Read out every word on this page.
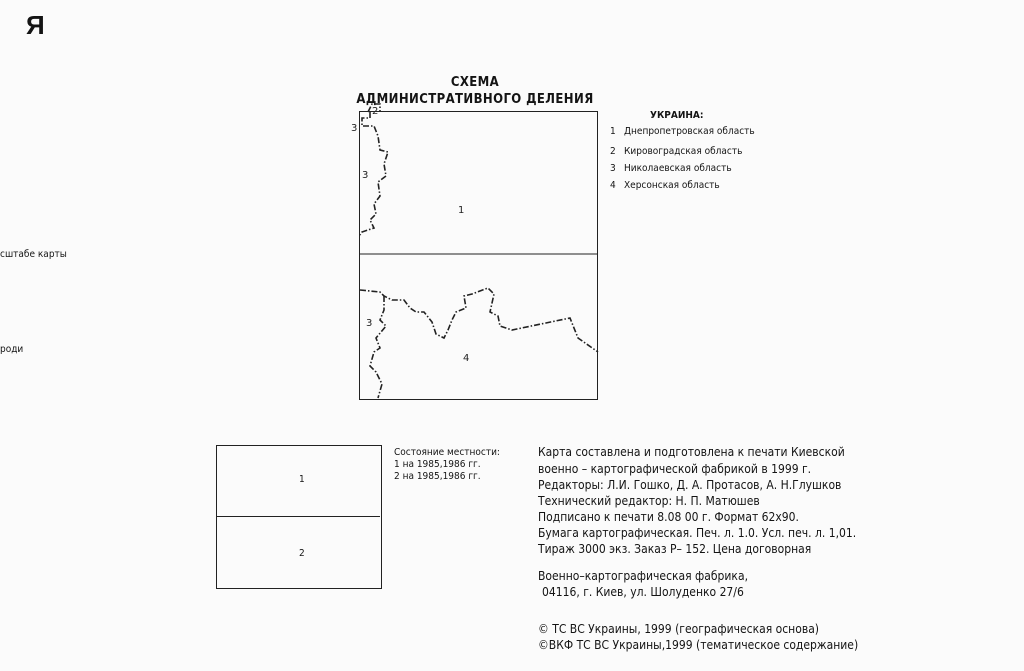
Я
сштабе карты
роди
СХЕМА
АДМИНИСТРАТИВНОГО ДЕЛЕНИЯ
2
3
3
1
3
4
УКРАИНА:
1 Днепропетровская область
2 Кировоградская область
3 Николаевская область
4 Херсонская область
1
2
Состояние местности:
1 на 1985,1986 гг.
2 на 1985,1986 гг.
Карта составлена и подготовлена к печати Киевской
военно – картографической фабрикой в 1999 г.
Редакторы: Л.И. Гошко, Д. А. Протасов, А. Н.Глушков
Технический редактор: Н. П. Матюшев
Подписано к печати 8.08 00 г. Формат 62х90.
Бумага картографическая. Печ. л. 1.0. Усл. печ. л. 1,01.
Тираж 3000 экз. Заказ Р– 152. Цена договорная
Военно–картографическая фабрика,
04116, г. Киев, ул. Шолуденко 27/6
© ТС ВС Украины, 1999 (географическая основа)
©ВКФ ТС ВС Украины,1999 (тематическое содержание)
